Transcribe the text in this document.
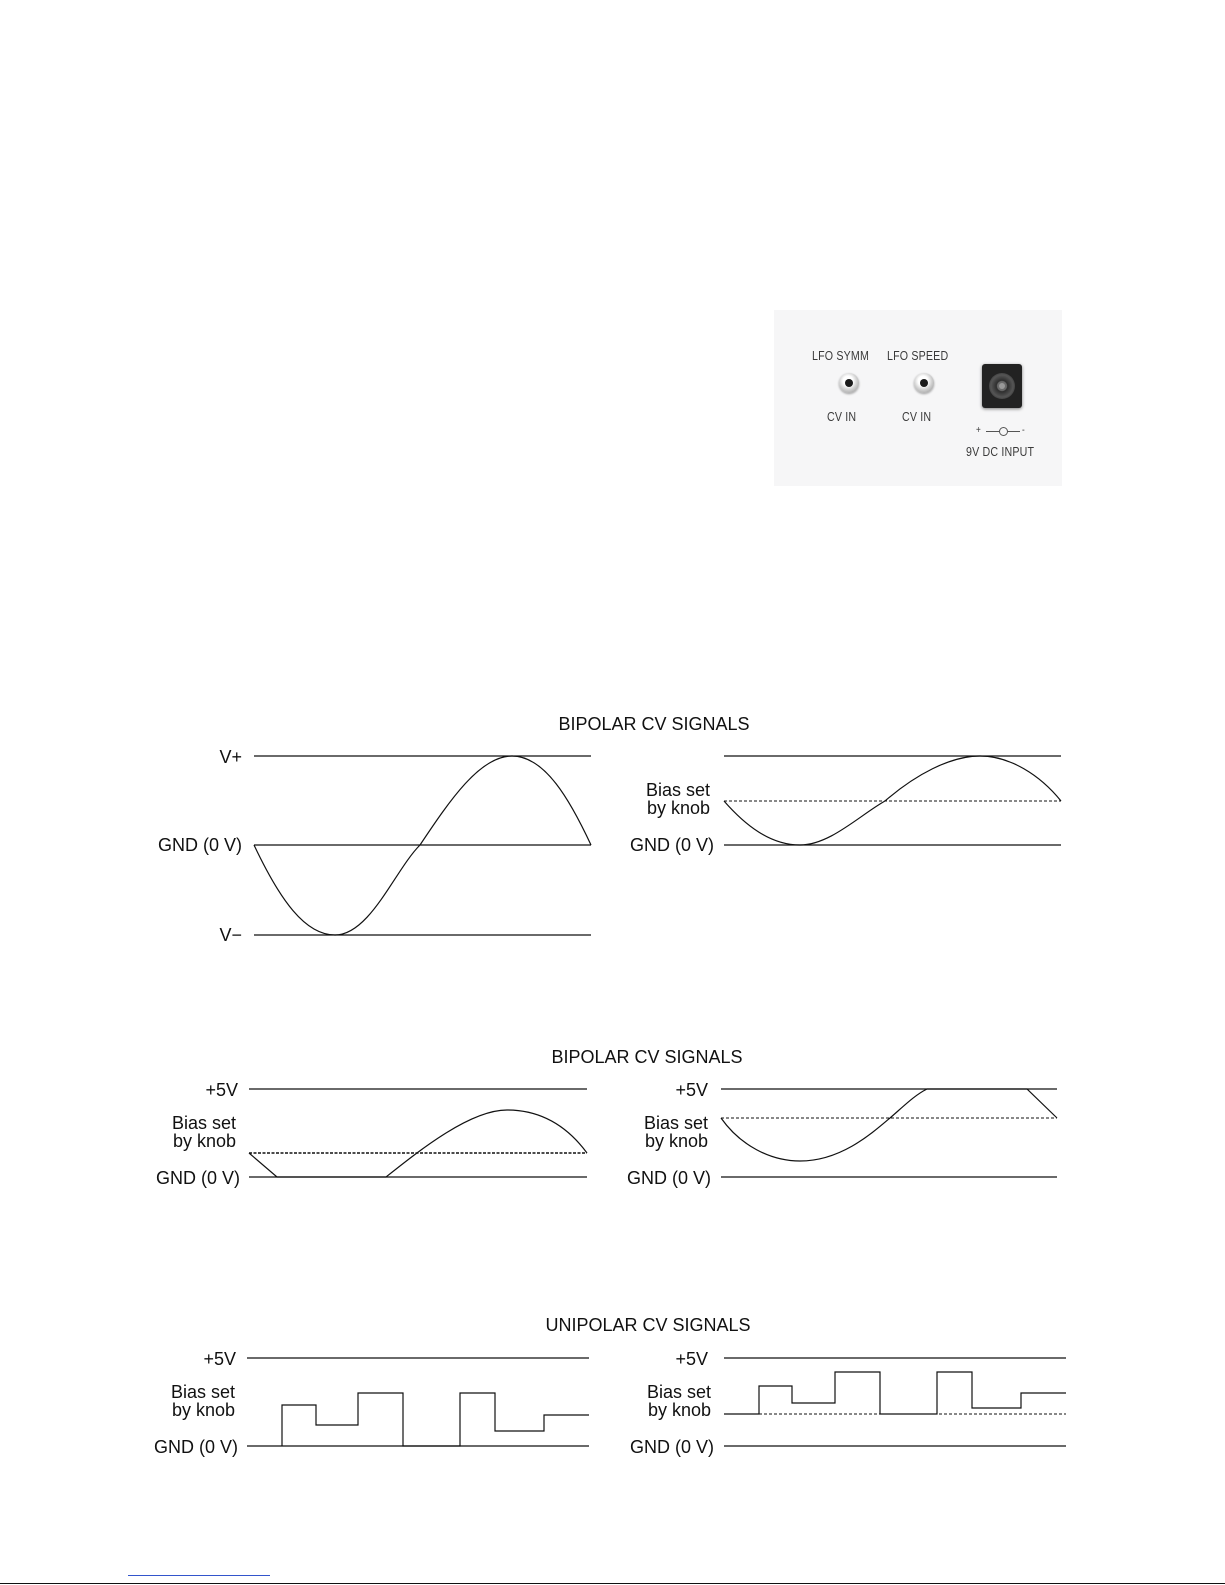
LFO SYMM
CV IN
LFO SPEED
CV IN
+	-
9V DC INPUT
BIPOLAR CV SIGNALS
V+
GND (0 V)
V−
Bias set
by knob
GND (0 V)
BIPOLAR CV SIGNALS
+5V
Bias set
by knob
GND (0 V)
+5V
Bias set
by knob
GND (0 V)
UNIPOLAR CV SIGNALS
+5V
Bias set
by knob
GND (0 V)
+5V
Bias set
by knob
GND (0 V)
